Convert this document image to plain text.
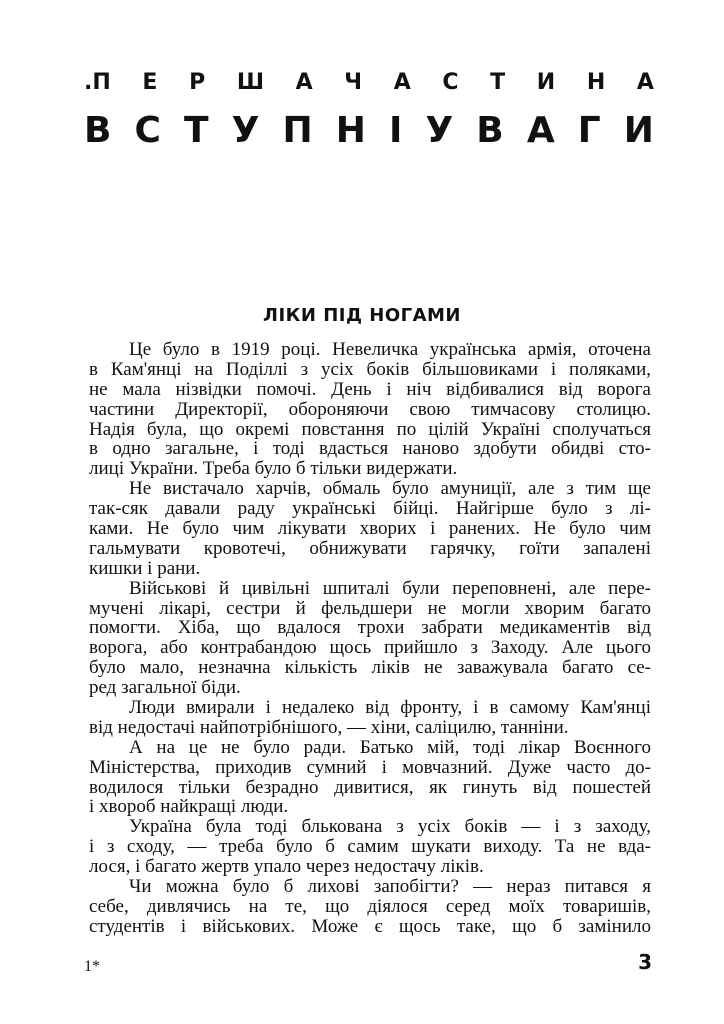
.П Е Р Ш А Ч А С Т И Н А
В С Т У П Н І У В А Г И
ЛІКИ ПІД НОГАМИ
Це було в 1919 році. Невеличка українська армія, оточена
в Кам'янці на Поділлі з усіх боків більшовиками і поляками,
не мала нізвідки помочі. День і ніч відбивалися від ворога
частини Директорії, обороняючи свою тимчасову столицю.
Надія була, що окремі повстання по цілій Україні сполучаться
в одно загальне, і тоді вдасться наново здобути обидві сто-
лиці України. Треба було б тільки видержати.
Не вистачало харчів, обмаль було амуниції, але з тим ще
так-сяк давали раду українські бійці. Найгірше було з лі-
ками. Не було чим лікувати хворих і ранених. Не було чим
гальмувати кровотечі, обнижувати гарячку, гоїти запалені
кишки і рани.
Військові й цивільні шпиталі були переповнені, але пере-
мучені лікарі, сестри й фельдшери не могли хворим багато
помогти. Хіба, що вдалося трохи забрати медикаментів від
ворога, або контрабандою щось прийшло з Заходу. Але цього
було мало, незначна кількість ліків не заважувала багато се-
ред загальної біди.
Люди вмирали і недалеко від фронту, і в самому Кам'янці
від недостачі найпотрібнішого, — хіни, саліцилю, танніни.
А на це не було ради. Батько мій, тоді лікар Воєнного
Міністерства, приходив сумний і мовчазний. Дуже часто до-
водилося тільки безрадно дивитися, як гинуть від пошестей
і хвороб найкращі люди.
Україна була тоді блькована з усіх боків — і з заходу,
і з сходу, — треба було б самим шукати виходу. Та не вда-
лося, і багато жертв упало через недостачу ліків.
Чи можна було б лихові запобігти? — нераз питався я
себе, дивлячись на те, що діялося серед моїх товаришів,
студентів і військових. Може є щось таке, що б замінило
1*	3
